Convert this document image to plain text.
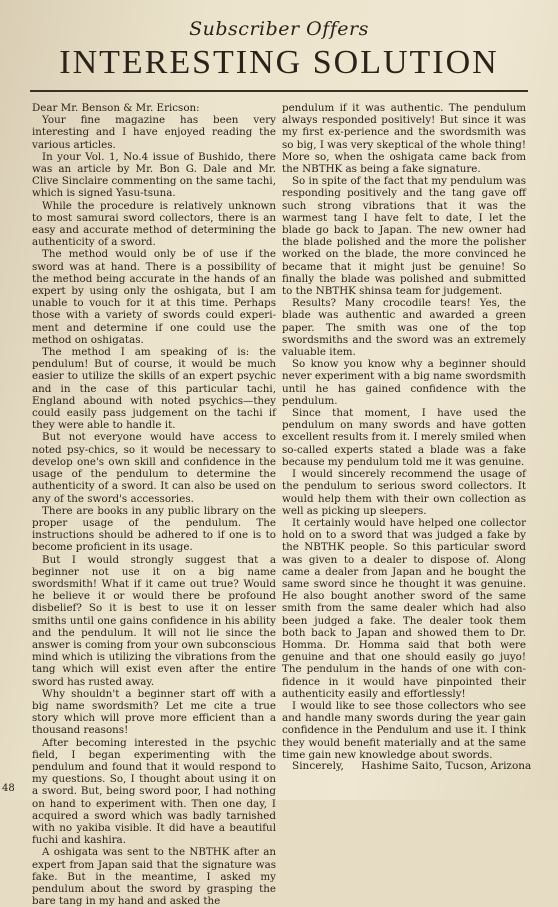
Subscriber Offers
INTERESTING SOLUTION

Dear Mr. Benson & Mr. Ericson:

Your fine magazine has been very interesting and I have enjoyed reading the various articles.

In your Vol. 1, No.4 issue of Bushido, there was an article by Mr. Bon G. Dale and Mr. Clive Sinclaire commenting on the same tachi, which is signed Yasu-tsuna.

While the procedure is relatively unknown to most samurai sword collectors, there is an easy and accurate method of determining the authenticity of a sword.

The method would only be of use if the sword was at hand. There is a possibility of the method being accurate in the hands of an expert by using only the oshigata, but I am unable to vouch for it at this time. Perhaps those with a variety of swords could experi-ment and determine if one could use the method on oshigatas.

The method I am speaking of is: the pendulum! But of course, it would be much easier to utilize the skills of an expert psychic and in the case of this particular tachi, England abound with noted psychics—they could easily pass judgement on the tachi if they were able to handle it.

But not everyone would have access to noted psy-chics, so it would be necessary to develop one's own skill and confidence in the usage of the pendulum to determine the authenticity of a sword. It can also be used on any of the sword's accessories.

There are books in any public library on the proper usage of the pendulum. The instructions should be adhered to if one is to become proficient in its usage.

But I would strongly suggest that a beginner not use it on a big name swordsmith! What if it came out true? Would he believe it or would there be profound disbelief? So it is best to use it on lesser smiths until one gains confidence in his ability and the pendulum. It will not lie since the answer is coming from your own subconscious mind which is utilizing the vibrations from the tang which will exist even after the entire sword has rusted away.

Why shouldn't a beginner start off with a big name swordsmith? Let me cite a true story which will prove more efficient than a thousand reasons!

After becoming interested in the psychic field, I began experimenting with the pendulum and found that it would respond to my questions. So, I thought about using it on a sword. But, being sword poor, I had nothing on hand to experiment with. Then one day, I acquired a sword which was badly tarnished with no yakiba visible. It did have a beautiful fuchi and kashira.

A oshigata was sent to the NBTHK after an expert from Japan said that the signature was fake. But in the meantime, I asked my pendulum about the sword by grasping the bare tang in my hand and asked the

pendulum if it was authentic. The pendulum always responded positively! But since it was my first ex-perience and the swordsmith was so big, I was very skeptical of the whole thing! More so, when the oshigata came back from the NBTHK as being a fake signature.

So in spite of the fact that my pendulum was responding positively and the tang gave off such strong vibrations that it was the warmest tang I have felt to date, I let the blade go back to Japan. The new owner had the blade polished and the more the polisher worked on the blade, the more convinced he became that it might just be genuine! So finally the blade was polished and submitted to the NBTHK shinsa team for judgement.

Results? Many crocodile tears! Yes, the blade was authentic and awarded a green paper. The smith was one of the top swordsmiths and the sword was an extremely valuable item.

So know you know why a beginner should never experiment with a big name swordsmith until he has gained confidence with the pendulum.

Since that moment, I have used the pendulum on many swords and have gotten excellent results from it. I merely smiled when so-called experts stated a blade was a fake because my pendulum told me it was genuine.

I would sincerely recommend the usage of the pendulum to serious sword collectors. It would help them with their own collection as well as picking up sleepers.

It certainly would have helped one collector hold on to a sword that was judged a fake by the NBTHK people. So this particular sword was given to a dealer to dispose of. Along came a dealer from Japan and he bought the same sword since he thought it was genuine. He also bought another sword of the same smith from the same dealer which had also been judged a fake. The dealer took them both back to Japan and showed them to Dr. Homma. Dr. Homma said that both were genuine and that one should easily go juyo! The pendulum in the hands of one with con-fidence in it would have pinpointed their authenticity easily and effortlessly!

I would like to see those collectors who see and handle many swords during the year gain confidence in the Pendulum and use it. I think they would benefit materially and at the same time gain new knowledge about swords.

Sincerely, Hashime Saito, Tucson, Arizona
48
